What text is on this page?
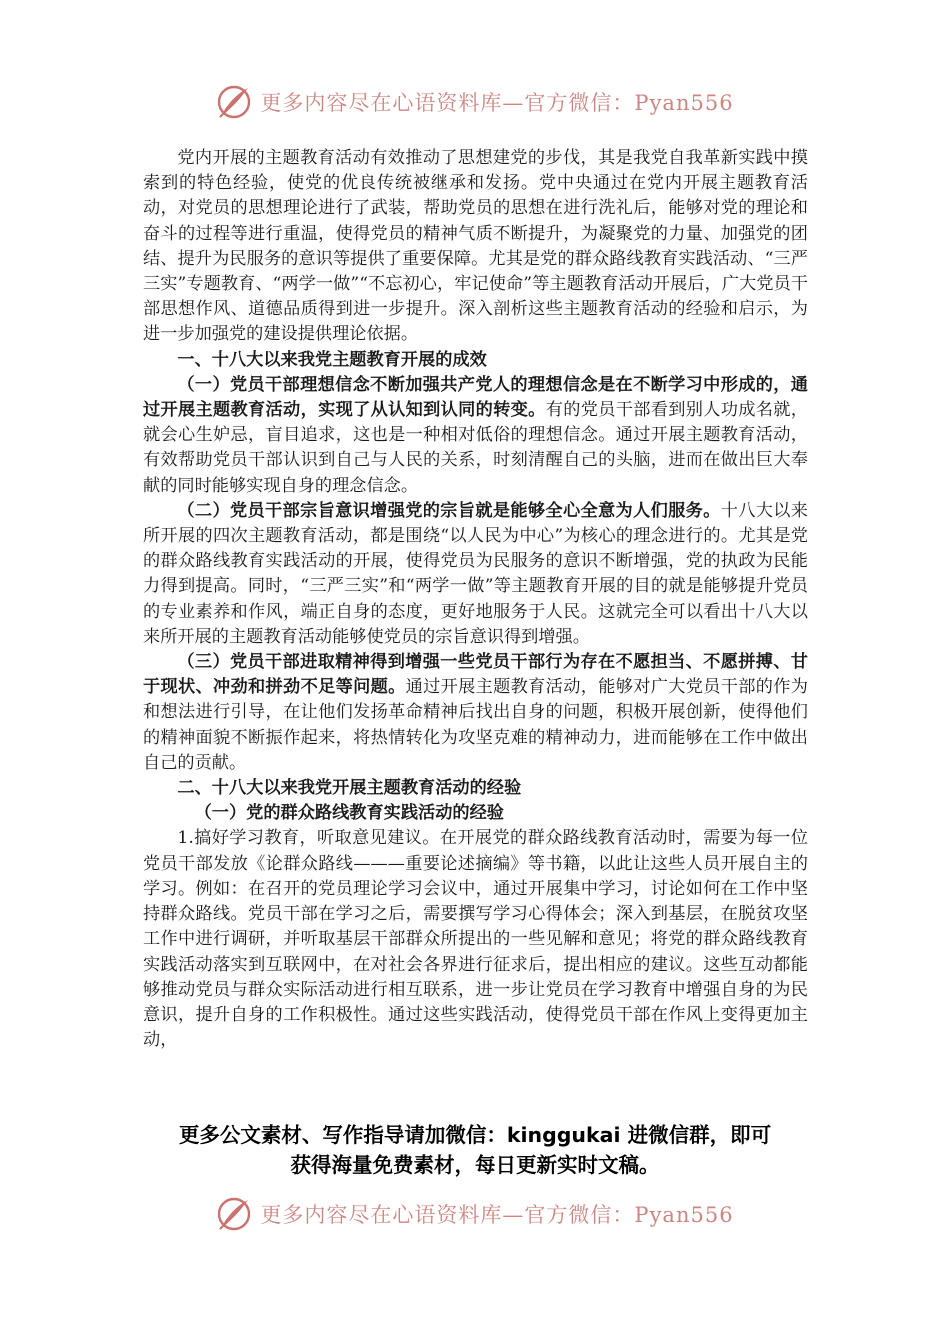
更多内容尽在心语资料库—官方微信：Pyan556

党内开展的主题教育活动有效推动了思想建党的步伐，其是我党自我革新实践中摸索到的特色经验，使党的优良传统被继承和发扬。党中央通过在党内开展主题教育活动，对党员的思想理论进行了武装，帮助党员的思想在进行洗礼后，能够对党的理论和奋斗的过程等进行重温，使得党员的精神气质不断提升，为凝聚党的力量、加强党的团结、提升为民服务的意识等提供了重要保障。尤其是党的群众路线教育实践活动、“三严三实”专题教育、“两学一做”“不忘初心，牢记使命”等主题教育活动开展后，广大党员干部思想作风、道德品质得到进一步提升。深入剖析这些主题教育活动的经验和启示，为进一步加强党的建设提供理论依据。

一、十八大以来我党主题教育开展的成效

（一）党员干部理想信念不断加强共产党人的理想信念是在不断学习中形成的，通过开展主题教育活动，实现了从认知到认同的转变。有的党员干部看到别人功成名就，就会心生妒忌，盲目追求，这也是一种相对低俗的理想信念。通过开展主题教育活动，有效帮助党员干部认识到自己与人民的关系，时刻清醒自己的头脑，进而在做出巨大奉献的同时能够实现自身的理念信念。

（二）党员干部宗旨意识增强党的宗旨就是能够全心全意为人们服务。十八大以来所开展的四次主题教育活动，都是围绕“以人民为中心”为核心的理念进行的。尤其是党的群众路线教育实践活动的开展，使得党员为民服务的意识不断增强，党的执政为民能力得到提高。同时，“三严三实”和“两学一做”等主题教育开展的目的就是能够提升党员的专业素养和作风，端正自身的态度，更好地服务于人民。这就完全可以看出十八大以来所开展的主题教育活动能够使党员的宗旨意识得到增强。

（三）党员干部进取精神得到增强一些党员干部行为存在不愿担当、不愿拼搏、甘于现状、冲劲和拼劲不足等问题。通过开展主题教育活动，能够对广大党员干部的作为和想法进行引导，在让他们发扬革命精神后找出自身的问题，积极开展创新，使得他们的精神面貌不断振作起来，将热情转化为攻坚克难的精神动力，进而能够在工作中做出自己的贡献。

二、十八大以来我党开展主题教育活动的经验

（一）党的群众路线教育实践活动的经验

1.搞好学习教育，听取意见建议。在开展党的群众路线教育活动时，需要为每一位党员干部发放《论群众路线———重要论述摘编》等书籍，以此让这些人员开展自主的学习。例如：在召开的党员理论学习会议中，通过开展集中学习，讨论如何在工作中坚持群众路线。党员干部在学习之后，需要撰写学习心得体会；深入到基层，在脱贫攻坚工作中进行调研，并听取基层干部群众所提出的一些见解和意见；将党的群众路线教育实践活动落实到互联网中，在对社会各界进行征求后，提出相应的建议。这些互动都能够推动党员与群众实际活动进行相互联系，进一步让党员在学习教育中增强自身的为民意识，提升自身的工作积极性。通过这些实践活动，使得党员干部在作风上变得更加主动，

更多公文素材、写作指导请加微信：kinggukai 进微信群，即可

获得海量免费素材，每日更新实时文稿。

更多内容尽在心语资料库—官方微信：Pyan556
